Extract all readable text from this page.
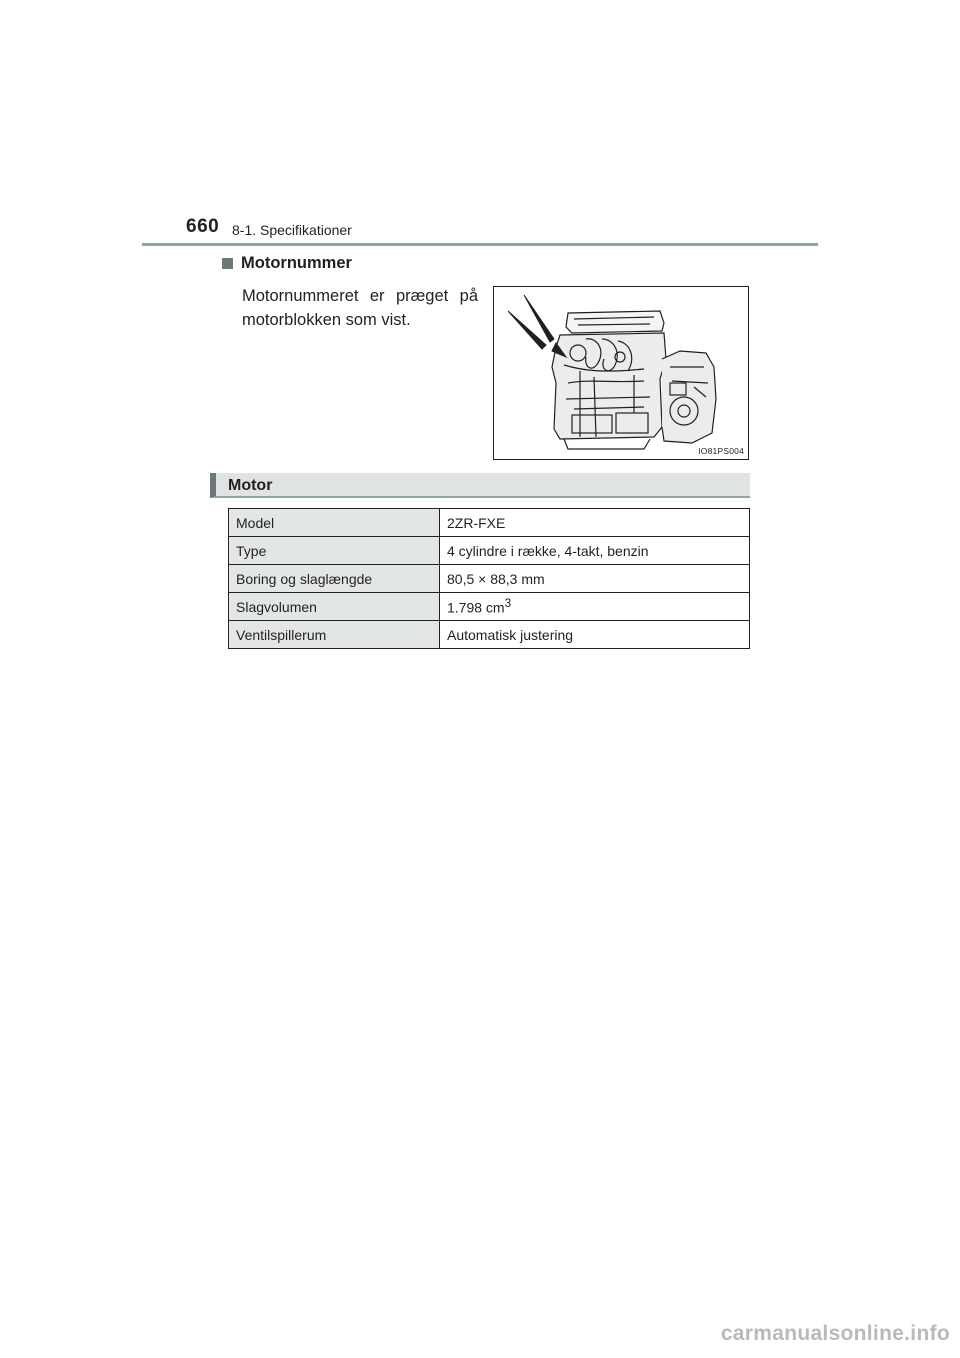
660 8-1. Specifikationer
Motornummer
Motornummeret er præget på motorblokken som vist.
IO81PS004
Motor
Model	2ZR-FXE
Type	4 cylindre i række, 4-takt, benzin
Boring og slaglængde	80,5 × 88,3 mm
Slagvolumen	1.798 $cm^3$
Ventilspillerum	Automatisk justering
carmanualsonline.info
